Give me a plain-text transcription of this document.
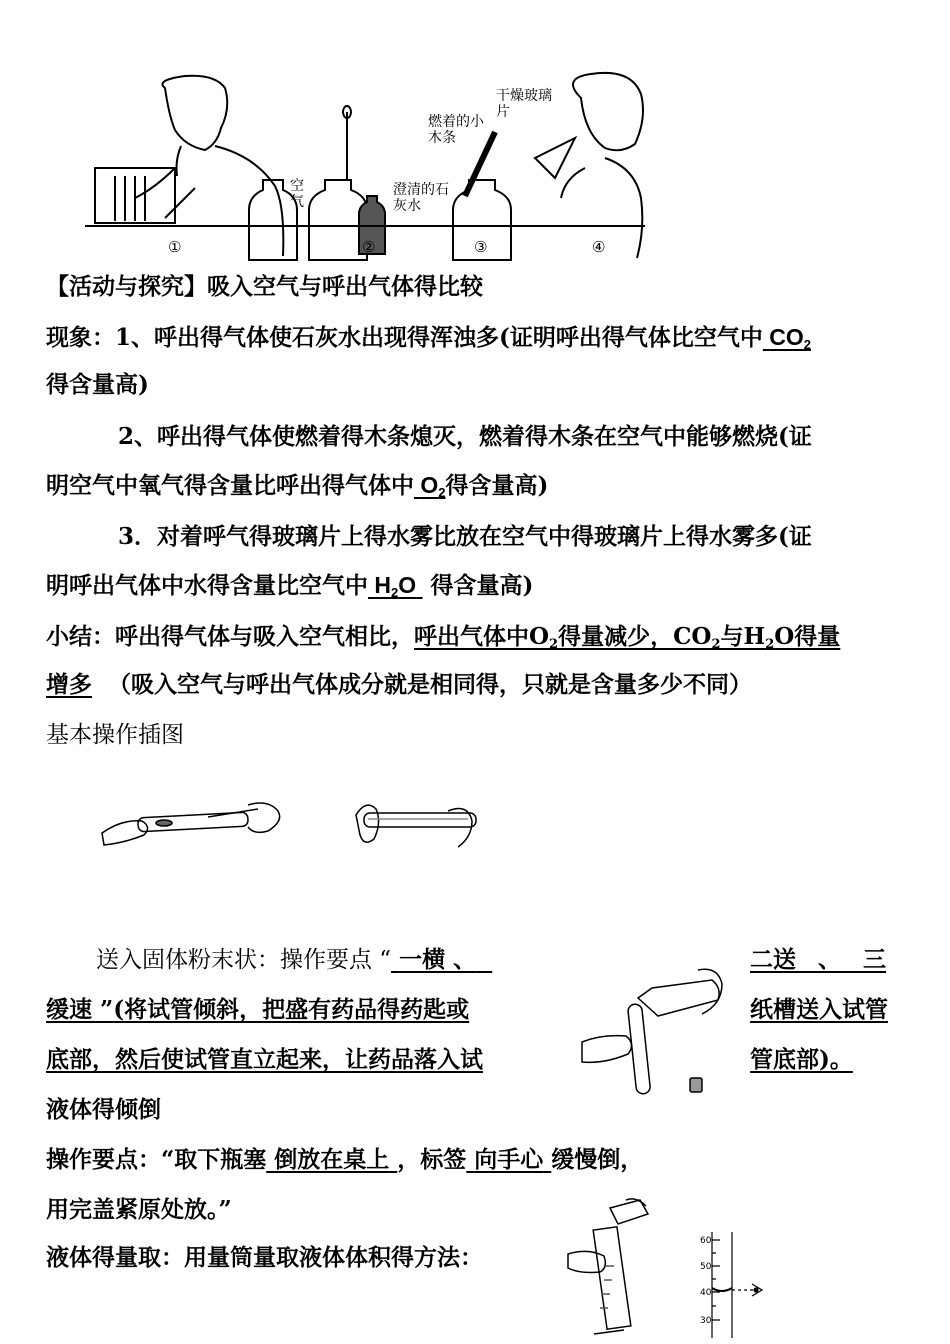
空气
干燥玻璃片
燃着的小木条
澄清的石灰水
①	②	③	④
【活动与探究】吸入空气与呼出气体得比较
现象：1、呼出得气体使石灰水出现得浑浊多(证明呼出得气体比空气中 $CO_2$
得含量高)
2、呼出得气体使燃着得木条熄灭，燃着得木条在空气中能够燃烧(证
明空气中氧气得含量比呼出得气体中 $O_2$得含量高)
3．对着呼气得玻璃片上得水雾比放在空气中得玻璃片上得水雾多(证
明呼出气体中水得含量比空气中 $H_2O$ 得含量高)
小结：呼出得气体与吸入空气相比，呼出气体中$O_2$得量减少，$CO_2$与$H_2O$得量
增多 （吸入空气与呼出气体成分就是相同得，只就是含量多少不同）
基本操作插图
送入固体粉末状：操作要点 “ 一横 、	二送 、 三
缓速 ”(将试管倾斜，把盛有药品得药匙或	纸槽送入试管
底部，然后使试管直立起来，让药品落入试	管底部)。
液体得倾倒
操作要点：“取下瓶塞 倒放在桌上 ，标签 向手心 缓慢倒，
用完盖紧原处放。”
液体得量取：用量筒量取液体体积得方法：
60
50
40
30
